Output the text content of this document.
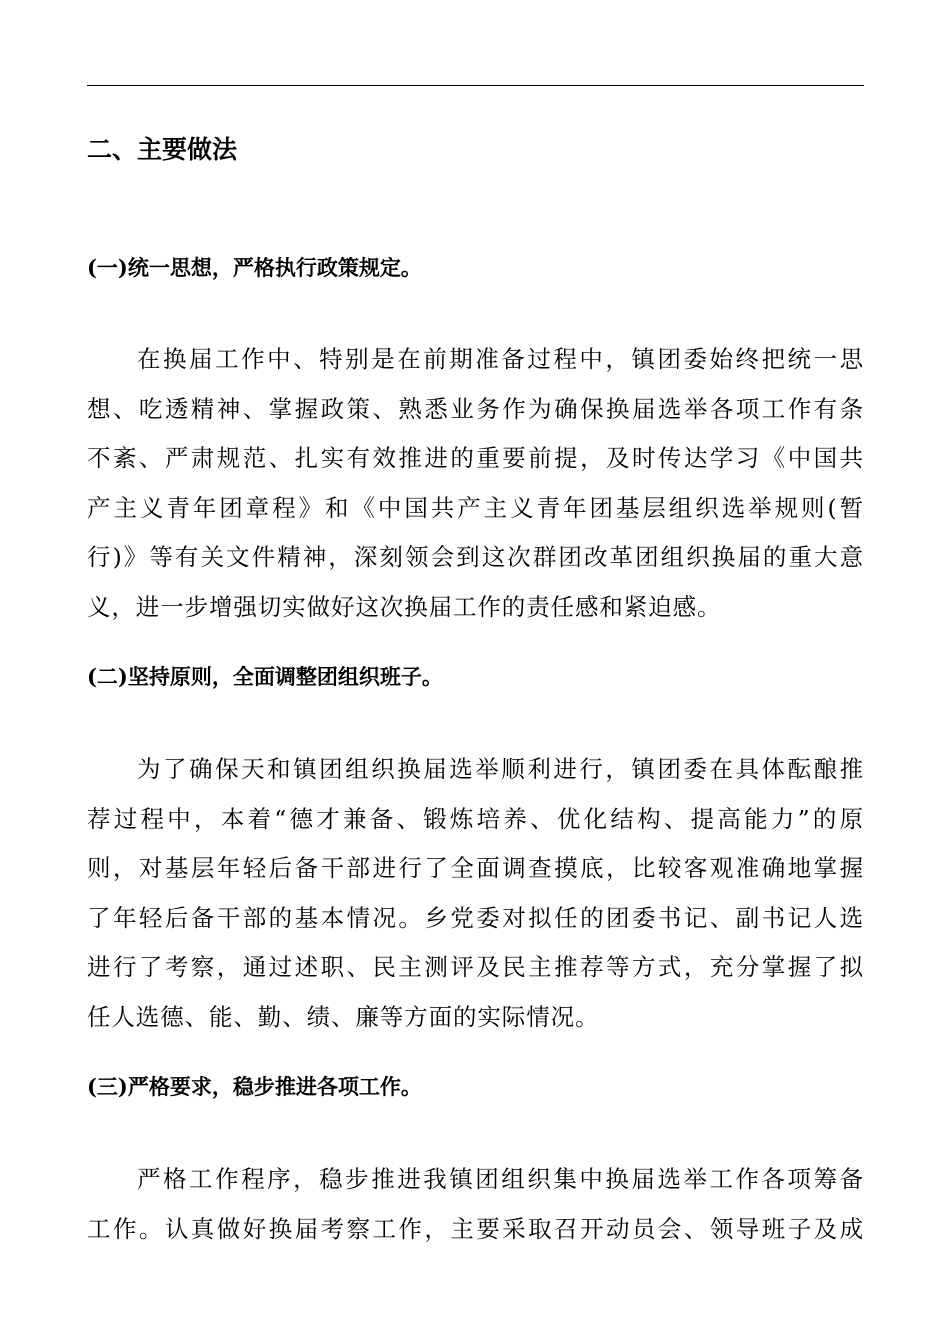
二、主要做法
(一)统一思想，严格执行政策规定。
在换届工作中、特别是在前期准备过程中，镇团委始终把统一思
想、吃透精神、掌握政策、熟悉业务作为确保换届选举各项工作有条
不紊、严肃规范、扎实有效推进的重要前提，及时传达学习《中国共
产主义青年团章程》和《中国共产主义青年团基层组织选举规则(暂
行)》等有关文件精神，深刻领会到这次群团改革团组织换届的重大意
义，进一步增强切实做好这次换届工作的责任感和紧迫感。
(二)坚持原则，全面调整团组织班子。
为了确保天和镇团组织换届选举顺利进行，镇团委在具体酝酿推
荐过程中，本着“德才兼备、锻炼培养、优化结构、提高能力”的原
则，对基层年轻后备干部进行了全面调查摸底，比较客观准确地掌握
了年轻后备干部的基本情况。乡党委对拟任的团委书记、副书记人选
进行了考察，通过述职、民主测评及民主推荐等方式，充分掌握了拟
任人选德、能、勤、绩、廉等方面的实际情况。
(三)严格要求，稳步推进各项工作。
严格工作程序，稳步推进我镇团组织集中换届选举工作各项筹备
工作。认真做好换届考察工作，主要采取召开动员会、领导班子及成
